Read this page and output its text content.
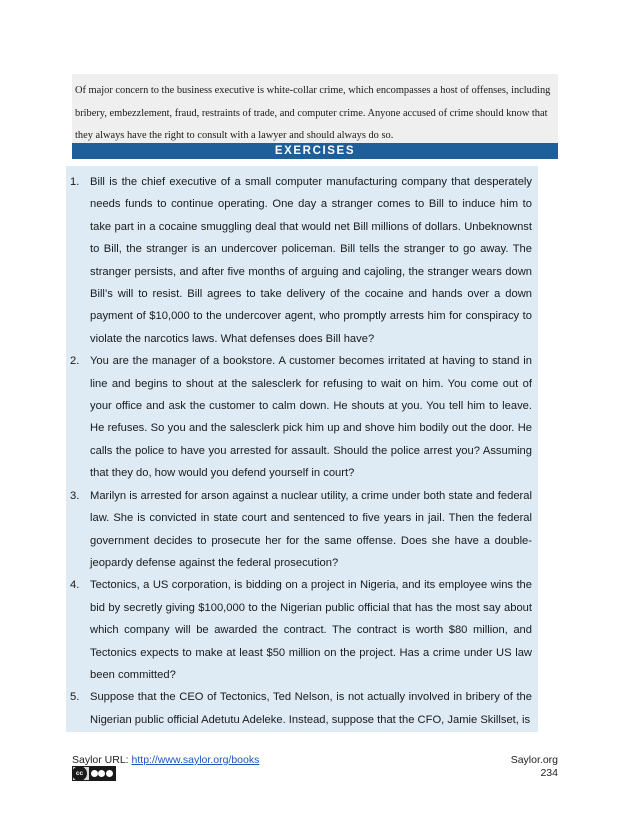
Of major concern to the business executive is white-collar crime, which encompasses a host of offenses, including bribery, embezzlement, fraud, restraints of trade, and computer crime. Anyone accused of crime should know that they always have the right to consult with a lawyer and should always do so.
EXERCISES
1. Bill is the chief executive of a small computer manufacturing company that desperately needs funds to continue operating. One day a stranger comes to Bill to induce him to take part in a cocaine smuggling deal that would net Bill millions of dollars. Unbeknownst to Bill, the stranger is an undercover policeman. Bill tells the stranger to go away. The stranger persists, and after five months of arguing and cajoling, the stranger wears down Bill’s will to resist. Bill agrees to take delivery of the cocaine and hands over a down payment of $10,000 to the undercover agent, who promptly arrests him for conspiracy to violate the narcotics laws. What defenses does Bill have?
2. You are the manager of a bookstore. A customer becomes irritated at having to stand in line and begins to shout at the salesclerk for refusing to wait on him. You come out of your office and ask the customer to calm down. He shouts at you. You tell him to leave. He refuses. So you and the salesclerk pick him up and shove him bodily out the door. He calls the police to have you arrested for assault. Should the police arrest you? Assuming that they do, how would you defend yourself in court?
3. Marilyn is arrested for arson against a nuclear utility, a crime under both state and federal law. She is convicted in state court and sentenced to five years in jail. Then the federal government decides to prosecute her for the same offense. Does she have a double-jeopardy defense against the federal prosecution?
4. Tectonics, a US corporation, is bidding on a project in Nigeria, and its employee wins the bid by secretly giving $100,000 to the Nigerian public official that has the most say about which company will be awarded the contract. The contract is worth $80 million, and Tectonics expects to make at least $50 million on the project. Has a crime under US law been committed?
5. Suppose that the CEO of Tectonics, Ted Nelson, is not actually involved in bribery of the Nigerian public official Adetutu Adeleke. Instead, suppose that the CFO, Jamie Skillset, is
Saylor URL: http://www.saylor.org/books
cc
Saylor.org
234
